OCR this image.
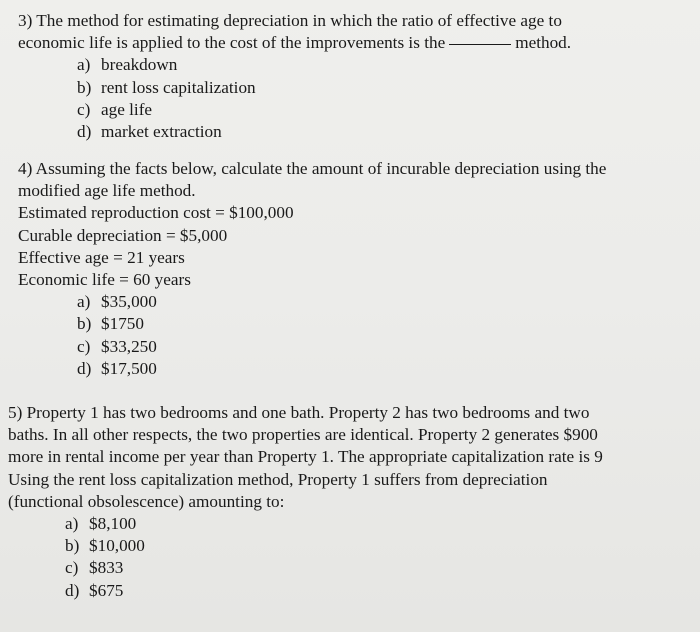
3) The method for estimating depreciation in which the ratio of effective age to
economic life is applied to the cost of the improvements is the	method.
a) breakdown
b) rent loss capitalization
c) age life
d) market extraction
4) Assuming the facts below, calculate the amount of incurable depreciation using the
modified age life method.
Estimated reproduction cost = $100,000
Curable depreciation = $5,000
Effective age = 21 years
Economic life = 60 years
a) $35,000
b) $1750
c) $33,250
d) $17,500
5) Property 1 has two bedrooms and one bath. Property 2 has two bedrooms and two
baths. In all other respects, the two properties are identical. Property 2 generates $900
more in rental income per year than Property 1. The appropriate capitalization rate is 9
Using the rent loss capitalization method, Property 1 suffers from depreciation
(functional obsolescence) amounting to:
a) $8,100
b) $10,000
c) $833
d) $675
